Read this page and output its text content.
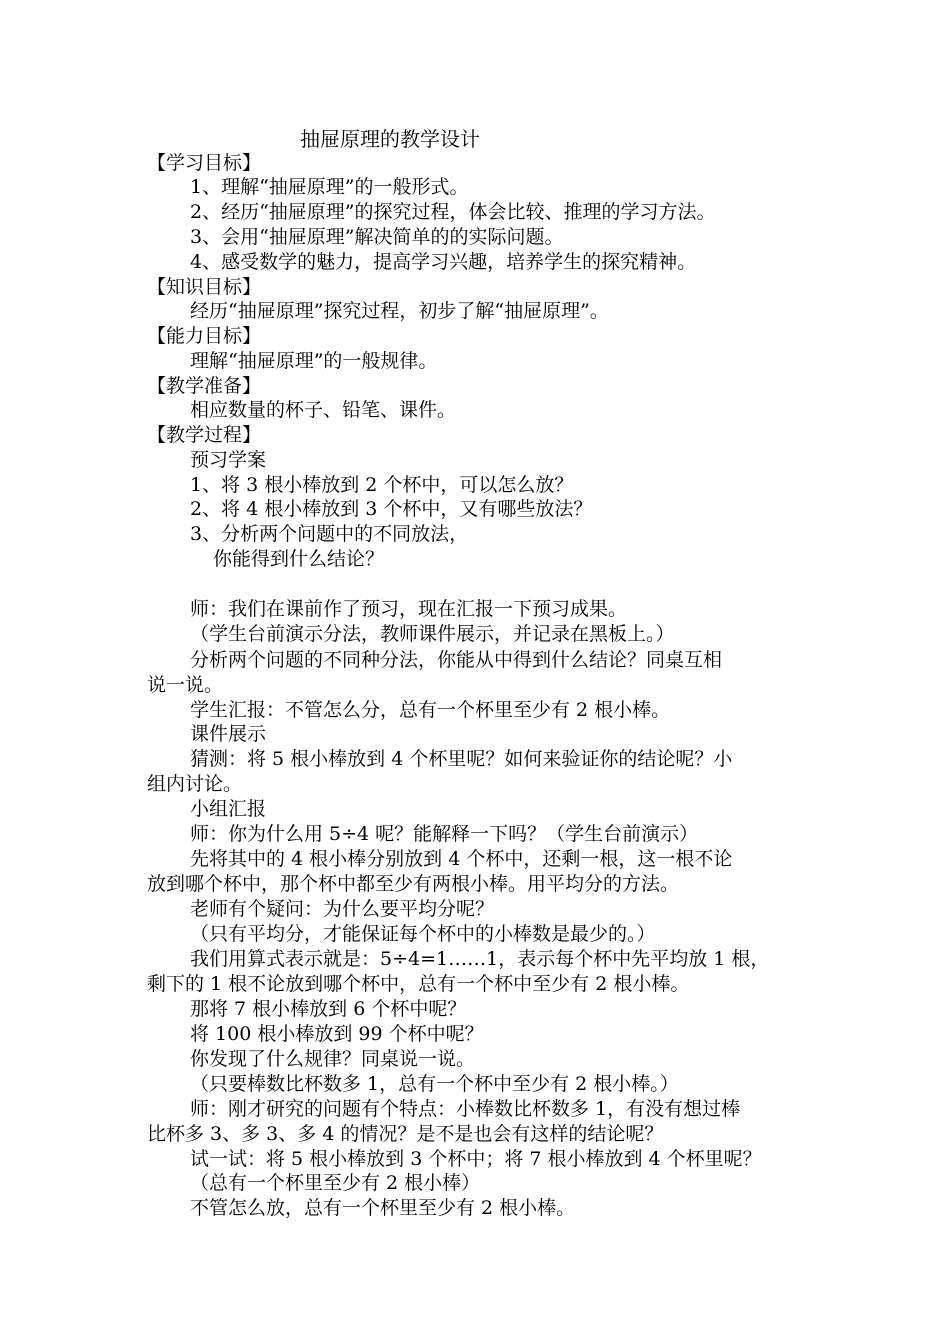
抽屉原理的教学设计
【学习目标】
1、理解“抽屉原理”的一般形式。
2、经历“抽屉原理”的探究过程，体会比较、推理的学习方法。
3、会用“抽屉原理”解决简单的的实际问题。
4、感受数学的魅力，提高学习兴趣，培养学生的探究精神。
【知识目标】
经历“抽屉原理”探究过程，初步了解“抽屉原理”。
【能力目标】
理解“抽屉原理”的一般规律。
【教学准备】
相应数量的杯子、铅笔、课件。
【教学过程】
预习学案
1、将 3 根小棒放到 2 个杯中，可以怎么放？
2、将 4 根小棒放到 3 个杯中，又有哪些放法？
3、分析两个问题中的不同放法，
你能得到什么结论？
师：我们在课前作了预习，现在汇报一下预习成果。
（学生台前演示分法，教师课件展示，并记录在黑板上。）
分析两个问题的不同种分法，你能从中得到什么结论？同桌互相
说一说。
学生汇报：不管怎么分，总有一个杯里至少有 2 根小棒。
课件展示
猜测：将 5 根小棒放到 4 个杯里呢？如何来验证你的结论呢？小
组内讨论。
小组汇报
师：你为什么用 5÷4 呢？能解释一下吗？（学生台前演示）
先将其中的 4 根小棒分别放到 4 个杯中，还剩一根，这一根不论
放到哪个杯中，那个杯中都至少有两根小棒。用平均分的方法。
老师有个疑问：为什么要平均分呢？
（只有平均分，才能保证每个杯中的小棒数是最少的。）
我们用算式表示就是：5÷4=1……1，表示每个杯中先平均放 1 根，
剩下的 1 根不论放到哪个杯中，总有一个杯中至少有 2 根小棒。
那将 7 根小棒放到 6 个杯中呢？
将 100 根小棒放到 99 个杯中呢？
你发现了什么规律？同桌说一说。
（只要棒数比杯数多 1，总有一个杯中至少有 2 根小棒。）
师：刚才研究的问题有个特点：小棒数比杯数多 1，有没有想过棒
比杯多 3、多 3、多 4 的情况？是不是也会有这样的结论呢？
试一试：将 5 根小棒放到 3 个杯中；将 7 根小棒放到 4 个杯里呢？
（总有一个杯里至少有 2 根小棒）
不管怎么放，总有一个杯里至少有 2 根小棒。
